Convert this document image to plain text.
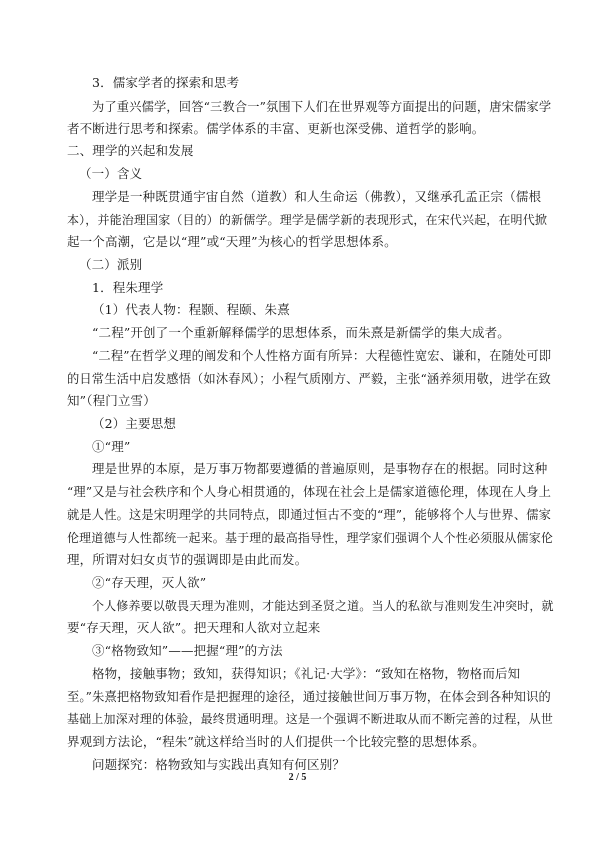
3．儒家学者的探索和思考
为了重兴儒学，回答“三教合一”氛围下人们在世界观等方面提出的问题，唐宋儒家学
者不断进行思考和探索。儒学体系的丰富、更新也深受佛、道哲学的影响。
二、理学的兴起和发展
（一）含义
理学是一种既贯通宇宙自然（道教）和人生命运（佛教），又继承孔孟正宗（儒根
本），并能治理国家（目的）的新儒学。理学是儒学新的表现形式，在宋代兴起，在明代掀
起一个高潮，它是以“理”或“天理”为核心的哲学思想体系。
（二）派别
1．程朱理学
（1）代表人物：程颢、程颐、朱熹
“二程”开创了一个重新解释儒学的思想体系，而朱熹是新儒学的集大成者。
“二程”在哲学义理的阐发和个人性格方面有所异：大程德性宽宏、谦和，在随处可即
的日常生活中启发感悟（如沐春风）；小程气质刚方、严毅，主张“涵养须用敬，进学在致
知”（程门立雪）
（2）主要思想
①“理”
理是世界的本原，是万事万物都要遵循的普遍原则，是事物存在的根据。同时这种
“理”又是与社会秩序和个人身心相贯通的，体现在社会上是儒家道德伦理，体现在人身上
就是人性。这是宋明理学的共同特点，即通过恒古不变的“理”，能够将个人与世界、儒家
伦理道德与人性都统一起来。基于理的最高指导性，理学家们强调个人个性必须服从儒家伦
理，所谓对妇女贞节的强调即是由此而发。
②“存天理，灭人欲”
个人修养要以敬畏天理为准则，才能达到圣贤之道。当人的私欲与准则发生冲突时，就
要“存天理，灭人欲”。把天理和人欲对立起来
③“格物致知”——把握“理”的方法
格物，接触事物；致知，获得知识；《礼记·大学》：“致知在格物，物格而后知
至。”朱熹把格物致知看作是把握理的途径，通过接触世间万事万物，在体会到各种知识的
基础上加深对理的体验，最终贯通明理。这是一个强调不断进取从而不断完善的过程，从世
界观到方法论，“程朱”就这样给当时的人们提供一个比较完整的思想体系。
问题探究：格物致知与实践出真知有何区别？
2 / 5
